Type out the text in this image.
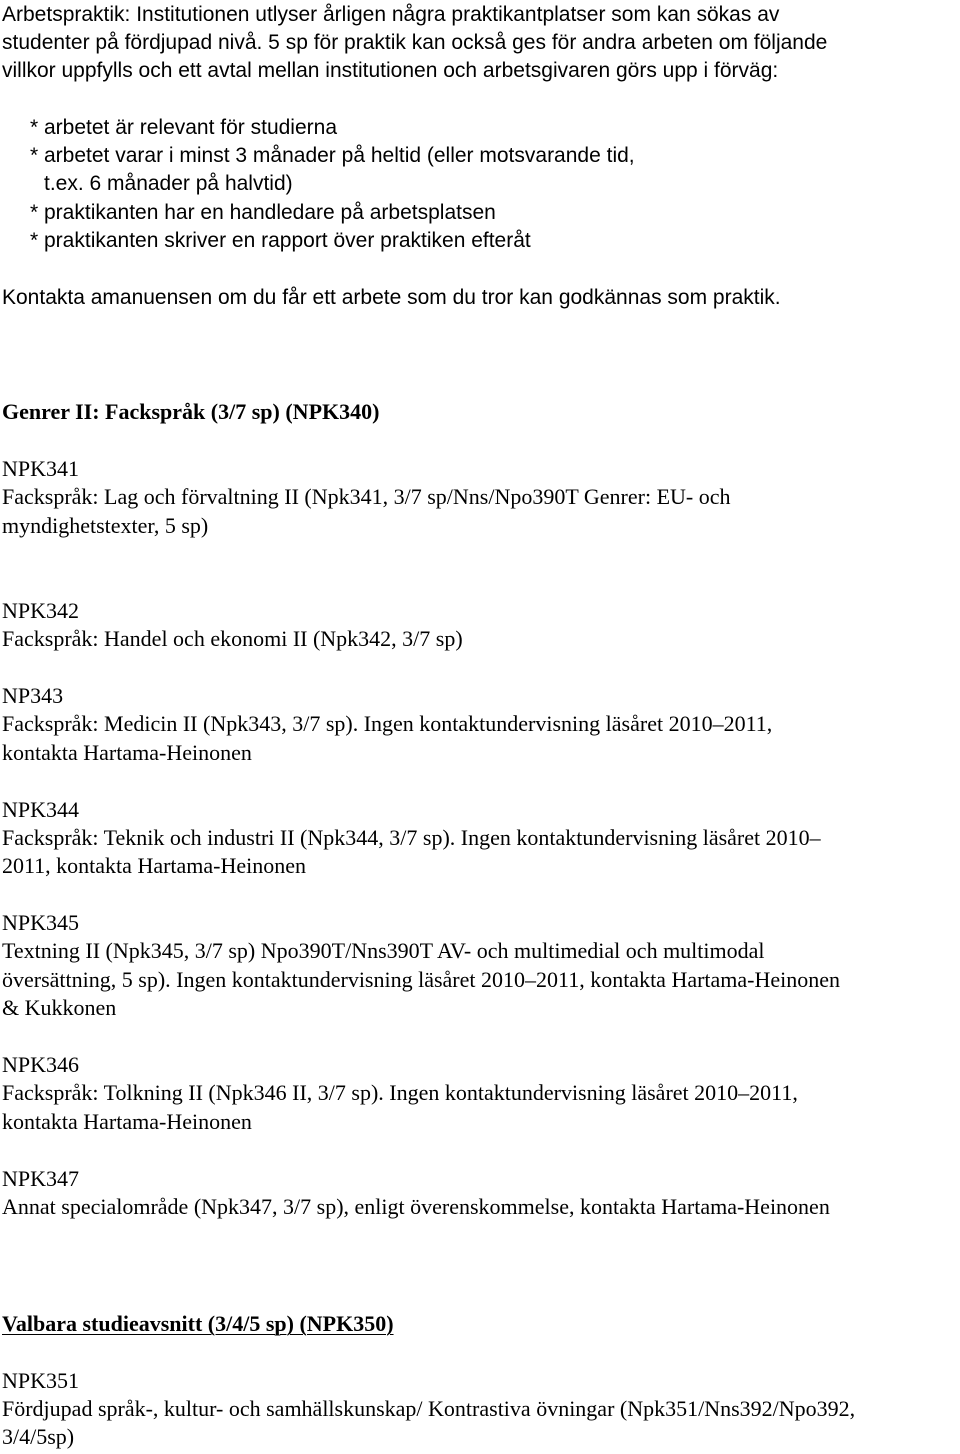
Arbetspraktik: Institutionen utlyser årligen några praktikantplatser som kan sökas av
studenter på fördjupad nivå. 5 sp för praktik kan också ges för andra arbeten om följande
villkor uppfylls och ett avtal mellan institutionen och arbetsgivaren görs upp i förväg:
* arbetet är relevant för studierna
* arbetet varar i minst 3 månader på heltid (eller motsvarande tid,
t.ex. 6 månader på halvtid)
* praktikanten har en handledare på arbetsplatsen
* praktikanten skriver en rapport över praktiken efteråt
Kontakta amanuensen om du får ett arbete som du tror kan godkännas som praktik.
Genrer II: Fackspråk (3/7 sp) (NPK340)
NPK341
Fackspråk: Lag och förvaltning II (Npk341, 3/7 sp/Nns/Npo390T Genrer: EU- och
myndighetstexter, 5 sp)
NPK342
Fackspråk: Handel och ekonomi II (Npk342, 3/7 sp)
NP343
Fackspråk: Medicin II (Npk343, 3/7 sp). Ingen kontaktundervisning läsåret 2010–2011,
kontakta Hartama-Heinonen
NPK344
Fackspråk: Teknik och industri II (Npk344, 3/7 sp). Ingen kontaktundervisning läsåret 2010–
2011, kontakta Hartama-Heinonen
NPK345
Textning II (Npk345, 3/7 sp) Npo390T/Nns390T AV- och multimedial och multimodal
översättning, 5 sp). Ingen kontaktundervisning läsåret 2010–2011, kontakta Hartama-Heinonen
& Kukkonen
NPK346
Fackspråk: Tolkning II (Npk346 II, 3/7 sp). Ingen kontaktundervisning läsåret 2010–2011,
kontakta Hartama-Heinonen
NPK347
Annat specialområde (Npk347, 3/7 sp), enligt överenskommelse, kontakta Hartama-Heinonen
Valbara studieavsnitt (3/4/5 sp) (NPK350)
NPK351
Fördjupad språk-, kultur- och samhällskunskap/ Kontrastiva övningar (Npk351/Nns392/Npo392,
3/4/5sp)
